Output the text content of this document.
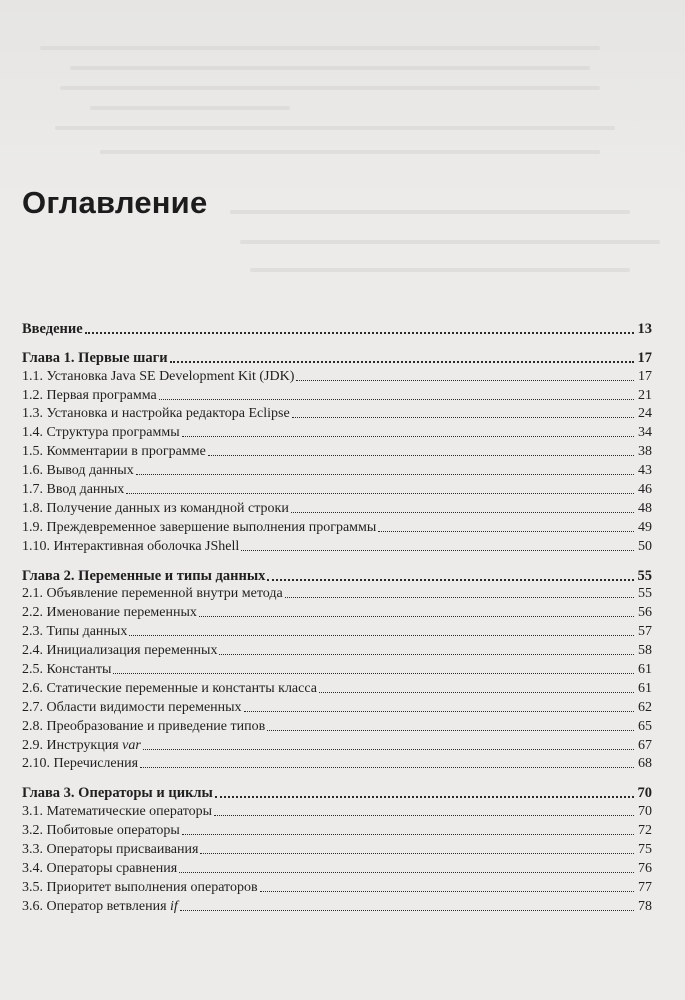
Оглавление
Введение	13
Глава 1. Первые шаги	17
1.1. Установка Java SE Development Kit (JDK)	17
1.2. Первая программа	21
1.3. Установка и настройка редактора Eclipse	24
1.4. Структура программы	34
1.5. Комментарии в программе	38
1.6. Вывод данных	43
1.7. Ввод данных	46
1.8. Получение данных из командной строки	48
1.9. Преждевременное завершение выполнения программы	49
1.10. Интерактивная оболочка JShell	50
Глава 2. Переменные и типы данных	55
2.1. Объявление переменной внутри метода	55
2.2. Именование переменных	56
2.3. Типы данных	57
2.4. Инициализация переменных	58
2.5. Константы	61
2.6. Статические переменные и константы класса	61
2.7. Области видимости переменных	62
2.8. Преобразование и приведение типов	65
2.9. Инструкция var	67
2.10. Перечисления	68
Глава 3. Операторы и циклы	70
3.1. Математические операторы	70
3.2. Побитовые операторы	72
3.3. Операторы присваивания	75
3.4. Операторы сравнения	76
3.5. Приоритет выполнения операторов	77
3.6. Оператор ветвления if	78
